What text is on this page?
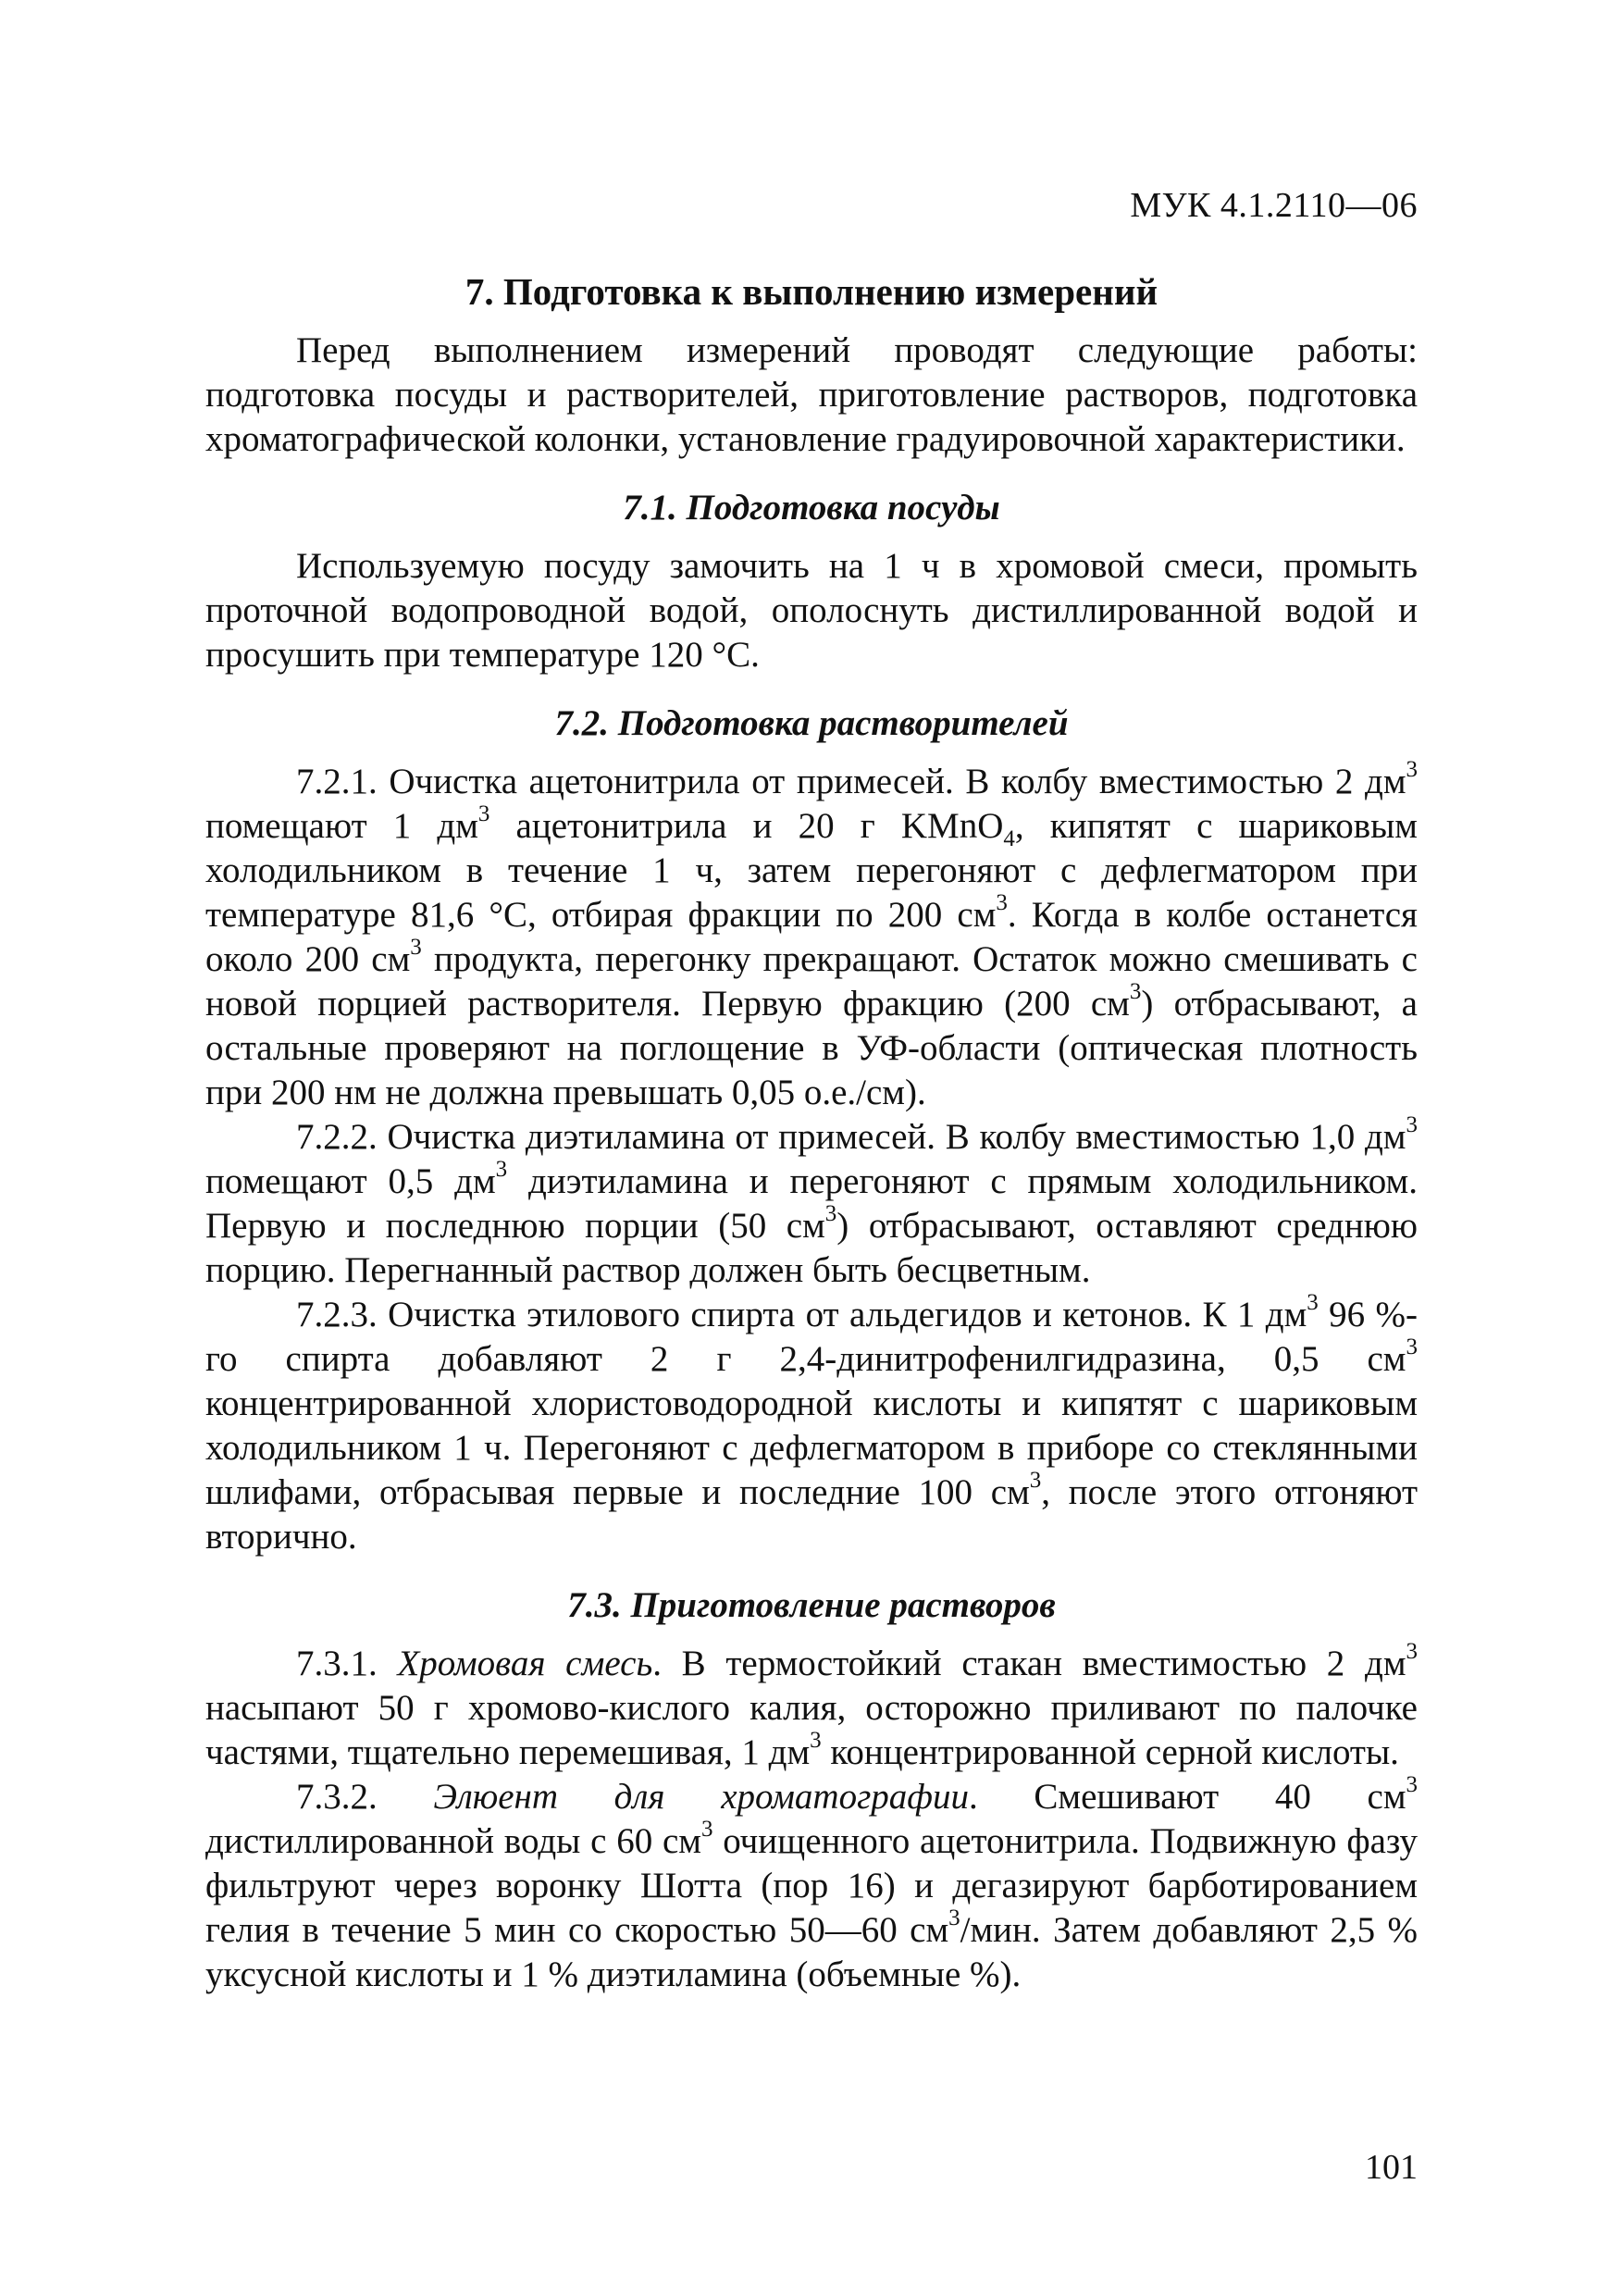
МУК 4.1.2110—06
7. Подготовка к выполнению измерений

Перед выполнением измерений проводят следующие работы: подготовка посуды и растворителей, приготовление растворов, подготовка хроматографической колонки, установление градуировочной характеристики.

7.1. Подготовка посуды

Используемую посуду замочить на 1 ч в хромовой смеси, промыть проточной водопроводной водой, ополоснуть дистиллированной водой и просушить при температуре 120 °C.

7.2. Подготовка растворителей

7.2.1. Очистка ацетонитрила от примесей. В колбу вместимостью 2 $дм^3$ помещают 1 $дм^3$ ацетонитрила и 20 г KMnO$_4$, кипятят с шариковым холодильником в течение 1 ч, затем перегоняют с дефлегматором при температуре 81,6 °C, отбирая фракции по 200 $см^3$. Когда в колбе останется около 200 $см^3$ продукта, перегонку прекращают. Остаток можно смешивать с новой порцией растворителя. Первую фракцию (200 $см^3$) отбрасывают, а остальные проверяют на поглощение в УФ-области (оптическая плотность при 200 нм не должна превышать 0,05 о.е./см).

7.2.2. Очистка диэтиламина от примесей. В колбу вместимостью 1,0 $дм^3$ помещают 0,5 $дм^3$ диэтиламина и перегоняют с прямым холодильником. Первую и последнюю порции (50 $см^3$) отбрасывают, оставляют среднюю порцию. Перегнанный раствор должен быть бесцветным.

7.2.3. Очистка этилового спирта от альдегидов и кетонов. К 1 $дм^3$ 96 %-го спирта добавляют 2 г 2,4-динитрофенилгидразина, 0,5 $см^3$ концентрированной хлористоводородной кислоты и кипятят с шариковым холодильником 1 ч. Перегоняют с дефлегматором в приборе со стеклянными шлифами, отбрасывая первые и последние 100 $см^3$, после этого отгоняют вторично.

7.3. Приготовление растворов

7.3.1. Хромовая смесь. В термостойкий стакан вместимостью 2 $дм^3$ насыпают 50 г хромово-кислого калия, осторожно приливают по палочке частями, тщательно перемешивая, 1 $дм^3$ концентрированной серной кислоты.

7.3.2. Элюент для хроматографии. Смешивают 40 $см^3$ дистиллированной воды с 60 $см^3$ очищенного ацетонитрила. Подвижную фазу фильтруют через воронку Шотта (пор 16) и дегазируют барботированием гелия в течение 5 мин со скоростью 50—60 $см^3$/мин. Затем добавляют 2,5 % уксусной кислоты и 1 % диэтиламина (объемные %).

101
